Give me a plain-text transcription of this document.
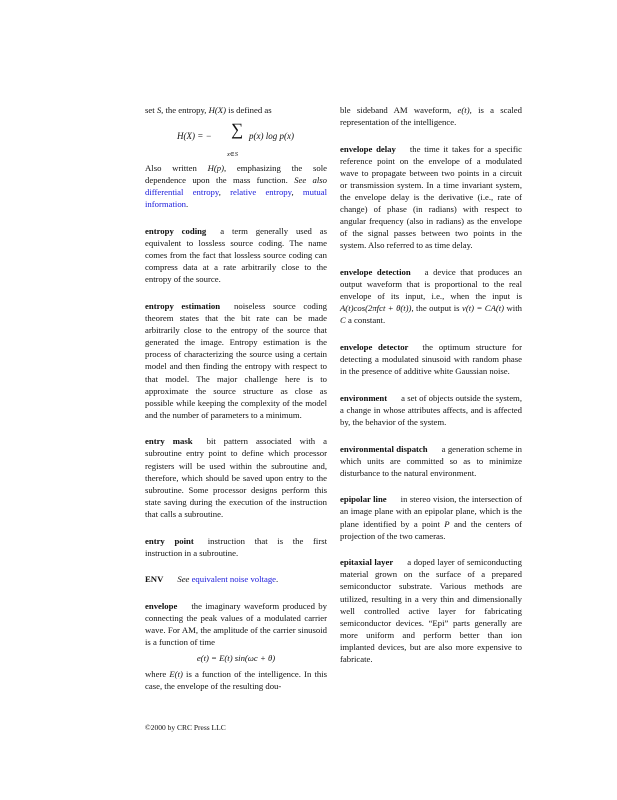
set S, the entropy, H(X) is defined as

H(X) = − ∑
x∈S
p(x) log p(x)

Also written H(p), emphasizing the sole dependence upon the mass function. See also differential entropy, relative entropy, mutual information.

entropy coding a term generally used as equivalent to lossless source coding. The name comes from the fact that lossless source coding can compress data at a rate arbitrarily close to the entropy of the source.

entropy estimation noiseless source coding theorem states that the bit rate can be made arbitrarily close to the entropy of the source that generated the image. Entropy estimation is the process of characterizing the source using a certain model and then finding the entropy with respect to that model. The major challenge here is to approximate the source structure as close as possible while keeping the complexity of the model and the number of parameters to a minimum.

entry mask bit pattern associated with a subroutine entry point to define which processor registers will be used within the subroutine and, therefore, which should be saved upon entry to the subroutine. Some processor designs perform this state saving during the execution of the instruction that calls a subroutine.

entry point instruction that is the first instruction in a subroutine.

ENV See equivalent noise voltage.

envelope the imaginary waveform produced by connecting the peak values of a modulated carrier wave. For AM, the amplitude of the carrier sinusoid is a function of time

e(t) = E(t) sin(ωc + θ)

where E(t) is a function of the intelligence. In this case, the envelope of the resulting dou-

ble sideband AM waveform, e(t), is a scaled representation of the intelligence.

envelope delay the time it takes for a specific reference point on the envelope of a modulated wave to propagate between two points in a circuit or transmission system. In a time invariant system, the envelope delay is the derivative (i.e., rate of change) of phase (in radians) with respect to angular frequency (also in radians) as the envelope of the signal passes between two points in the system. Also referred to as time delay.

envelope detection a device that produces an output waveform that is proportional to the real envelope of its input, i.e., when the input is A(t)cos(2πfct + θ(t)), the output is v(t) = CA(t) with C a constant.

envelope detector the optimum structure for detecting a modulated sinusoid with random phase in the presence of additive white Gaussian noise.

environment a set of objects outside the system, a change in whose attributes affects, and is affected by, the behavior of the system.

environmental dispatch a generation scheme in which units are committed so as to minimize disturbance to the natural environment.

epipolar line in stereo vision, the intersection of an image plane with an epipolar plane, which is the plane identified by a point P and the centers of projection of the two cameras.

epitaxial layer a doped layer of semiconducting material grown on the surface of a prepared semiconductor substrate. Various methods are utilized, resulting in a very thin and dimensionally well controlled active layer for fabricating semiconductor devices. “Epi” parts generally are more uniform and perform better than ion implanted devices, but are also more expensive to fabricate.

©2000 by CRC Press LLC
